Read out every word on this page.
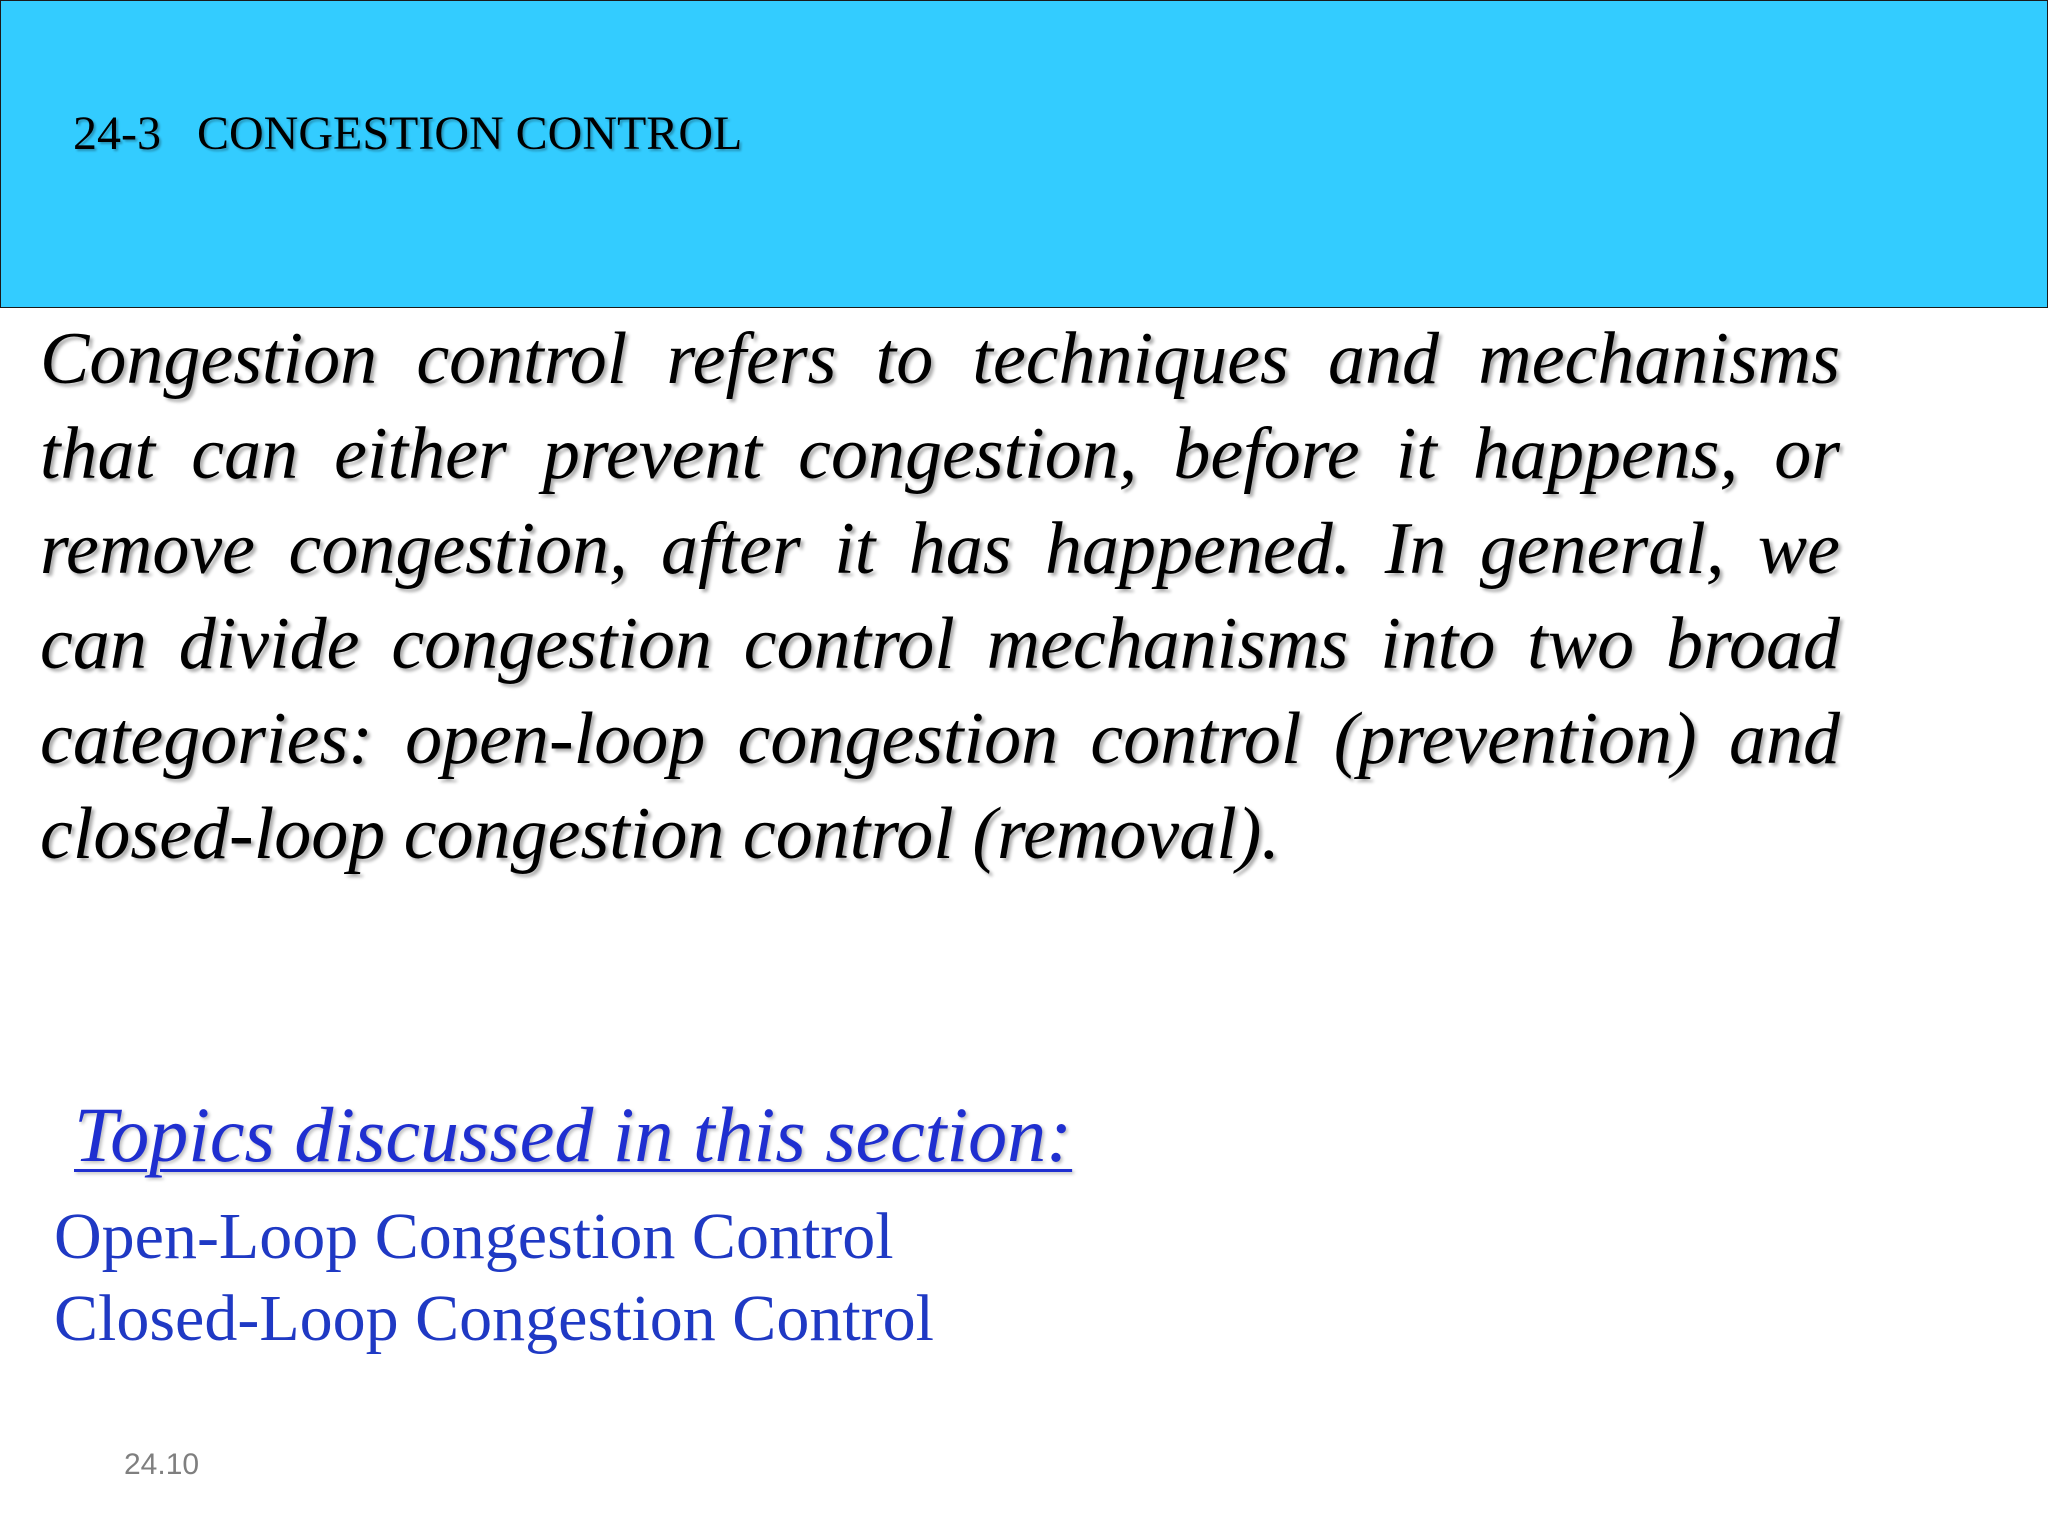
24-3   CONGESTION CONTROL
Congestion control refers to techniques and mechanisms that can either prevent congestion, before it happens, or remove congestion, after it has happened. In general, we can divide congestion control mechanisms into two broad categories: open-loop congestion control (prevention) and closed-loop congestion control (removal).
Topics discussed in this section:
Open-Loop Congestion Control
Closed-Loop Congestion Control
24.10
